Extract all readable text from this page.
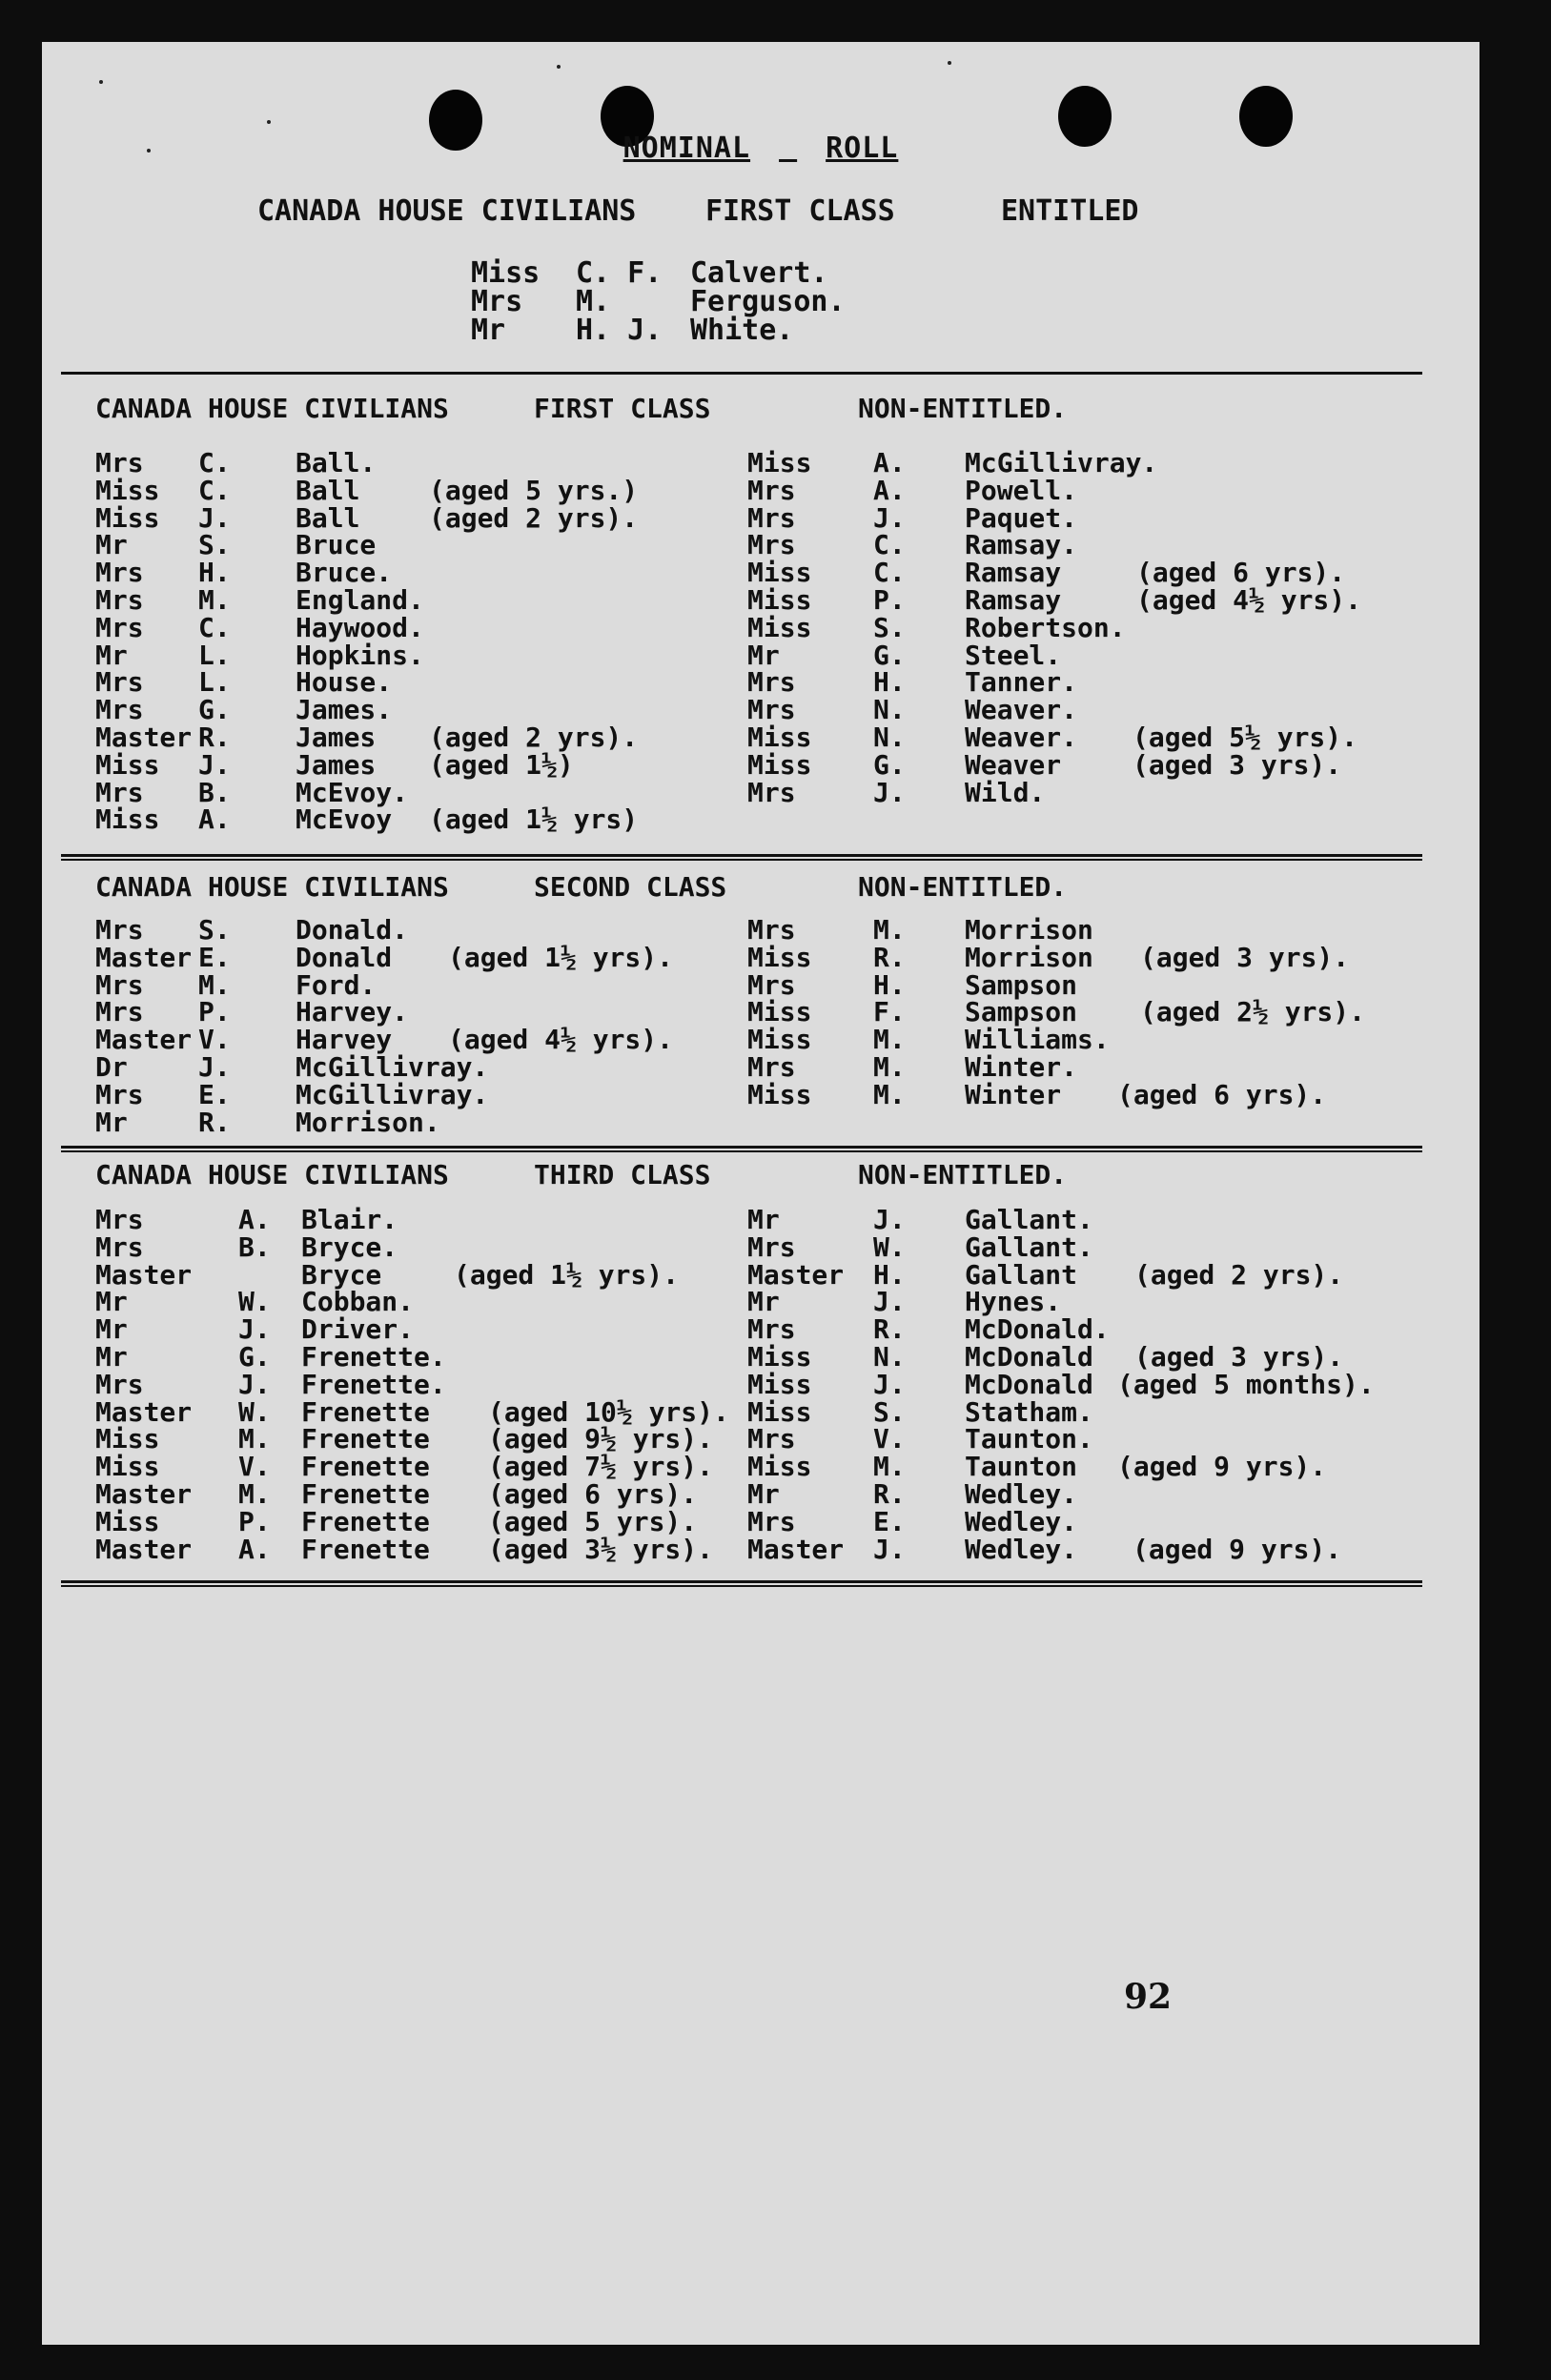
NOMINAL	ROLL
CANADA HOUSE CIVILIANS FIRST CLASS	ENTITLED
Miss C. F. Calvert.
Mrs M.	Ferguson.
Mr H. J. White.
CANADA HOUSE CIVILIANS	FIRST CLASS	NON-ENTITLED.
Mrs C. Ball.
Miss C. Ball	(aged 5 yrs.)
Miss J. Ball	(aged 2 yrs).
Mr	S. Bruce
Mrs H. Bruce.
Mrs M. England.
Mrs C. Haywood.
Mr	L. Hopkins.
Mrs L. House.
Mrs G. James.
Master R. James (aged 2 yrs).
Miss J. James (aged 1½)
Mrs B. McEvoy.
Miss A. McEvoy (aged 1½ yrs)
Miss A. McGillivray.
Mrs	A. Powell.
Mrs	J. Paquet.
Mrs	C. Ramsay.
Miss C. Ramsay	(aged 6 yrs).
Miss P. Ramsay	(aged 4½ yrs).
Miss S. Robertson.
Mr	G. Steel.
Mrs	H. Tanner.
Mrs	N. Weaver.
Miss N. Weaver. (aged 5½ yrs).
Miss G. Weaver	(aged 3 yrs).
Mrs	J. Wild.
CANADA HOUSE CIVILIANS	SECOND CLASS	NON-ENTITLED.
Mrs S. Donald.
Master E. Donald (aged 1½ yrs).
Mrs M. Ford.
Mrs P. Harvey.
Master V. Harvey (aged 4½ yrs).
Dr	J. McGillivray.
Mrs E. McGillivray.
Mr	R. Morrison.
Mrs	M. Morrison
Miss R. Morrison (aged 3 yrs).
Mrs	H. Sampson
Miss F. Sampson (aged 2½ yrs).
Miss M. Williams.
Mrs	M. Winter.
Miss M. Winter (aged 6 yrs).
CANADA HOUSE CIVILIANS	THIRD CLASS	NON-ENTITLED.
Mrs	A. Blair.
Mrs	B. Bryce.
Master	Bryce	(aged 1½ yrs).
Mr	W. Cobban.
Mr	J. Driver.
Mr	G. Frenette.
Mrs	J. Frenette.
Master W. Frenette (aged 10½ yrs).
Miss	M. Frenette (aged 9½ yrs).
Miss	V. Frenette (aged 7½ yrs).
Master M. Frenette (aged 6 yrs).
Miss	P. Frenette (aged 5 yrs).
Master A. Frenette (aged 3½ yrs).
Mr	J. Gallant.
Mrs	W. Gallant.
Master H. Gallant (aged 2 yrs).
Mr	J. Hynes.
Mrs	R. McDonald.
Miss N. McDonald (aged 3 yrs).
Miss J. McDonald (aged 5 months).
Miss S. Statham.
Mrs	V. Taunton.
Miss M. Taunton (aged 9 yrs).
Mr	R. Wedley.
Mrs	E. Wedley.
Master J. Wedley. (aged 9 yrs).
92
